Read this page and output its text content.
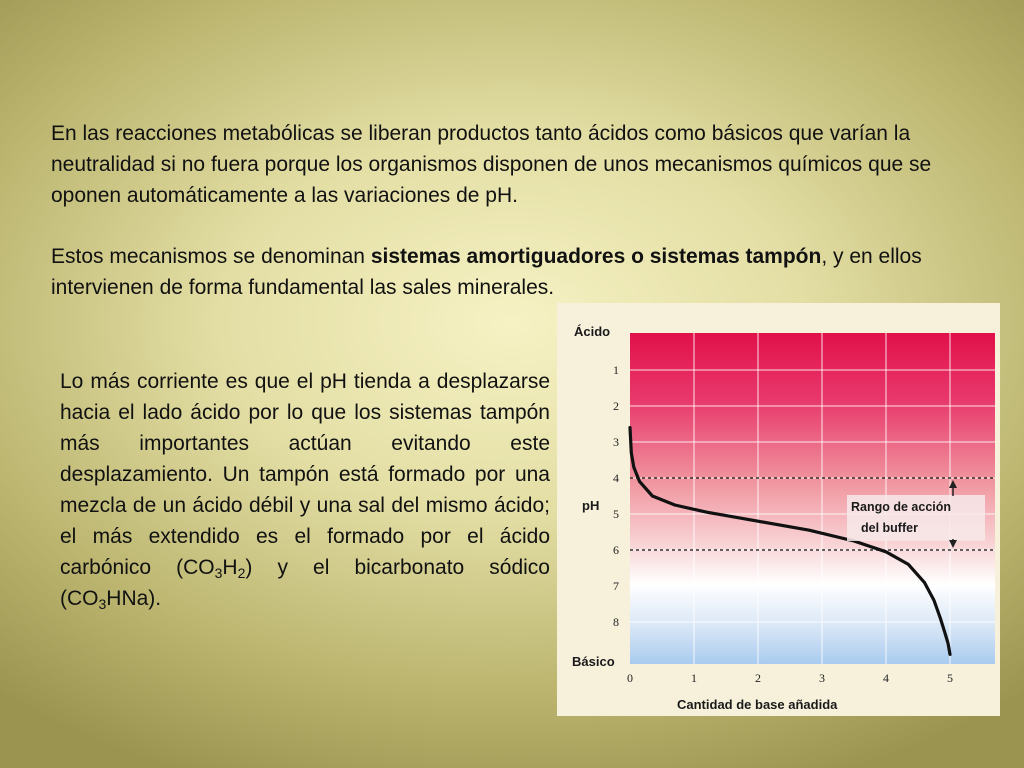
En las reacciones metabólicas se liberan productos tanto ácidos como básicos que varían la neutralidad si no fuera porque los organismos disponen de unos mecanismos químicos que se oponen automáticamente a las variaciones de pH.

Estos mecanismos se denominan sistemas amortiguadores o sistemas tampón, y en ellos intervienen de forma fundamental las sales minerales.

Lo más corriente es que el pH tienda a desplazarse hacia el lado ácido por lo que los sistemas tampón más importantes actúan evitando este desplazamiento. Un tampón está formado por una mezcla de un ácido débil y una sal del mismo ácido; el más extendido es el formado por el ácido carbónico $(CO_3H_2)$ y el bicarbonato sódico $(CO_3HNa)$.

0	1	2	3	4	5
1
2
3
4
5
6
7
8
Ácido
Básico
pH
Cantidad de base añadida
Rango de acción
del buffer
